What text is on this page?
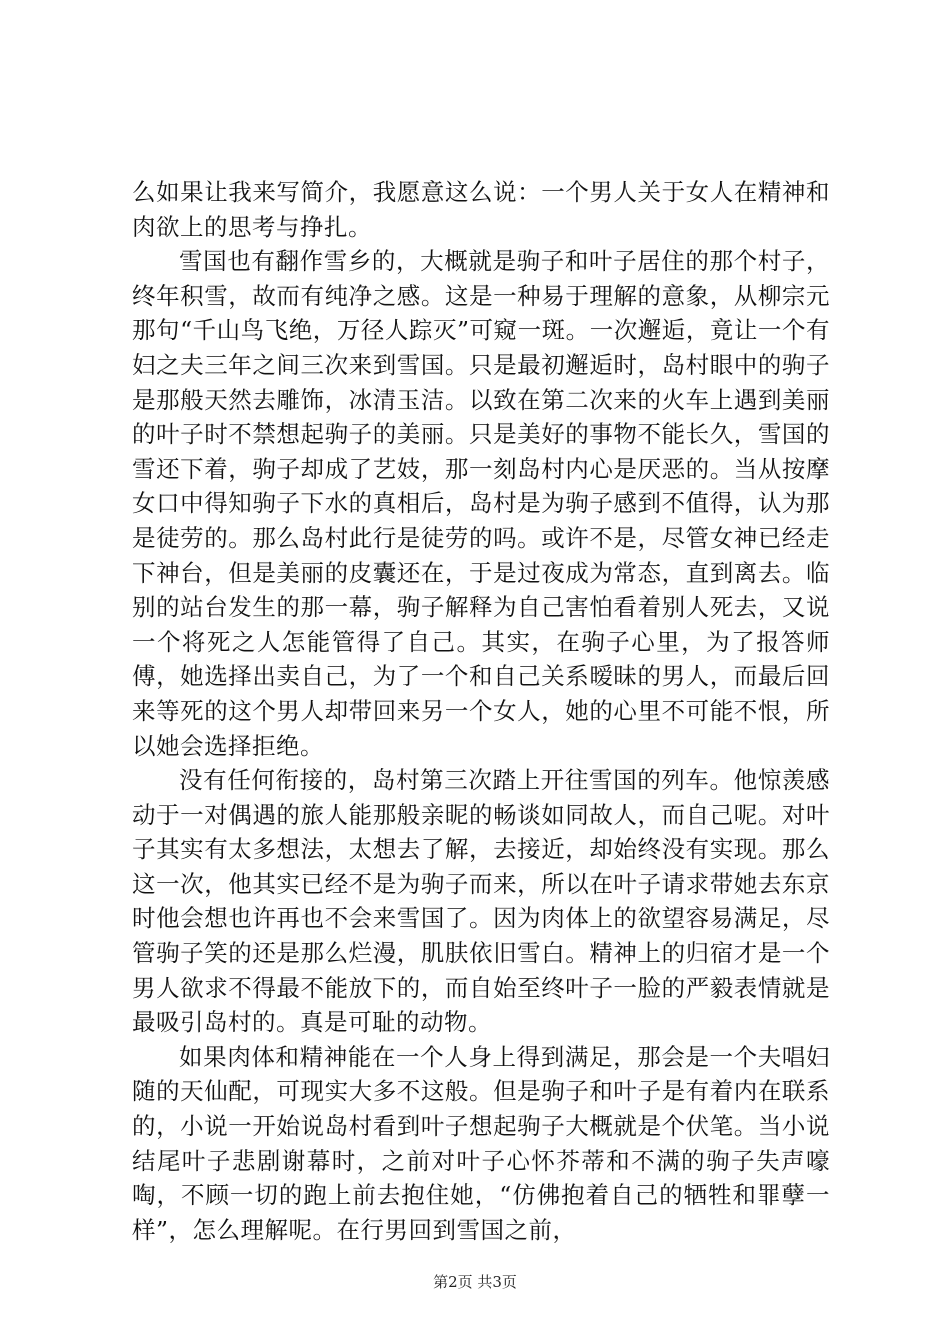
么如果让我来写简介，我愿意这么说：一个男人关于女人在精神和肉欲上的思考与挣扎。

雪国也有翻作雪乡的，大概就是驹子和叶子居住的那个村子，终年积雪，故而有纯净之感。这是一种易于理解的意象，从柳宗元那句“千山鸟飞绝，万径人踪灭”可窥一斑。一次邂逅，竟让一个有妇之夫三年之间三次来到雪国。只是最初邂逅时，岛村眼中的驹子是那般天然去雕饰，冰清玉洁。以致在第二次来的火车上遇到美丽的叶子时不禁想起驹子的美丽。只是美好的事物不能长久，雪国的雪还下着，驹子却成了艺妓，那一刻岛村内心是厌恶的。当从按摩女口中得知驹子下水的真相后，岛村是为驹子感到不值得，认为那是徒劳的。那么岛村此行是徒劳的吗。或许不是，尽管女神已经走下神台，但是美丽的皮囊还在，于是过夜成为常态，直到离去。临别的站台发生的那一幕，驹子解释为自己害怕看着别人死去，又说一个将死之人怎能管得了自己。其实，在驹子心里，为了报答师傅，她选择出卖自己，为了一个和自己关系暧昧的男人，而最后回来等死的这个男人却带回来另一个女人，她的心里不可能不恨，所以她会选择拒绝。

没有任何衔接的，岛村第三次踏上开往雪国的列车。他惊羡感动于一对偶遇的旅人能那般亲昵的畅谈如同故人，而自己呢。对叶子其实有太多想法，太想去了解，去接近，却始终没有实现。那么这一次，他其实已经不是为驹子而来，所以在叶子请求带她去东京时他会想也许再也不会来雪国了。因为肉体上的欲望容易满足，尽管驹子笑的还是那么烂漫，肌肤依旧雪白。精神上的归宿才是一个男人欲求不得最不能放下的，而自始至终叶子一脸的严毅表情就是最吸引岛村的。真是可耻的动物。

如果肉体和精神能在一个人身上得到满足，那会是一个夫唱妇随的天仙配，可现实大多不这般。但是驹子和叶子是有着内在联系的，小说一开始说岛村看到叶子想起驹子大概就是个伏笔。当小说结尾叶子悲剧谢幕时，之前对叶子心怀芥蒂和不满的驹子失声嚎啕，不顾一切的跑上前去抱住她，“仿佛抱着自己的牺牲和罪孽一样”，怎么理解呢。在行男回到雪国之前，

第2页 共3页
